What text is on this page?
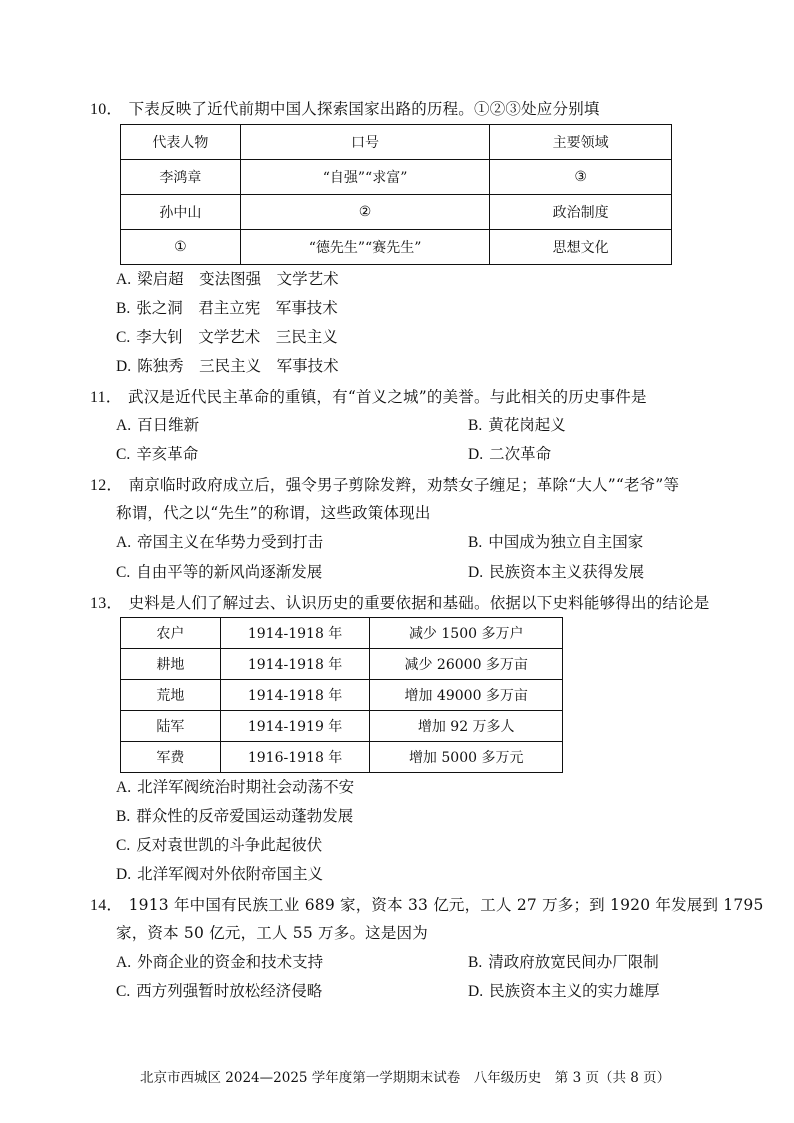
10． 下表反映了近代前期中国人探索国家出路的历程。①②③处应分别填
代表人物	口号	主要领域
李鸿章	“自强”“求富”	③
孙中山	②	政治制度
①	“德先生”“赛先生”	思想文化
A. 梁启超　变法图强　文学艺术
B. 张之洞　君主立宪　军事技术
C. 李大钊　文学艺术　三民主义
D. 陈独秀　三民主义　军事技术
11． 武汉是近代民主革命的重镇，有“首义之城”的美誉。与此相关的历史事件是
A. 百日维新	B. 黄花岗起义
C. 辛亥革命	D. 二次革命
12． 南京临时政府成立后，强令男子剪除发辫，劝禁女子缠足；革除“大人”“老爷”等
称谓，代之以“先生”的称谓，这些政策体现出
A. 帝国主义在华势力受到打击	B. 中国成为独立自主国家
C. 自由平等的新风尚逐渐发展	D. 民族资本主义获得发展
13． 史料是人们了解过去、认识历史的重要依据和基础。依据以下史料能够得出的结论是
农户	1914-1918 年	减少 1500 多万户
耕地	1914-1918 年	减少 26000 多万亩
荒地	1914-1918 年	增加 49000 多万亩
陆军	1914-1919 年	增加 92 万多人
军费	1916-1918 年	增加 5000 多万元
A. 北洋军阀统治时期社会动荡不安
B. 群众性的反帝爱国运动蓬勃发展
C. 反对袁世凯的斗争此起彼伏
D. 北洋军阀对外依附帝国主义
14． 1913 年中国有民族工业 689 家，资本 33 亿元，工人 27 万多；到 1920 年发展到 1795
家，资本 50 亿元，工人 55 万多。这是因为
A. 外商企业的资金和技术支持	B. 清政府放宽民间办厂限制
C. 西方列强暂时放松经济侵略	D. 民族资本主义的实力雄厚
北京市西城区 2024—2025 学年度第一学期期末试卷　八年级历史　第 3 页（共 8 页）
